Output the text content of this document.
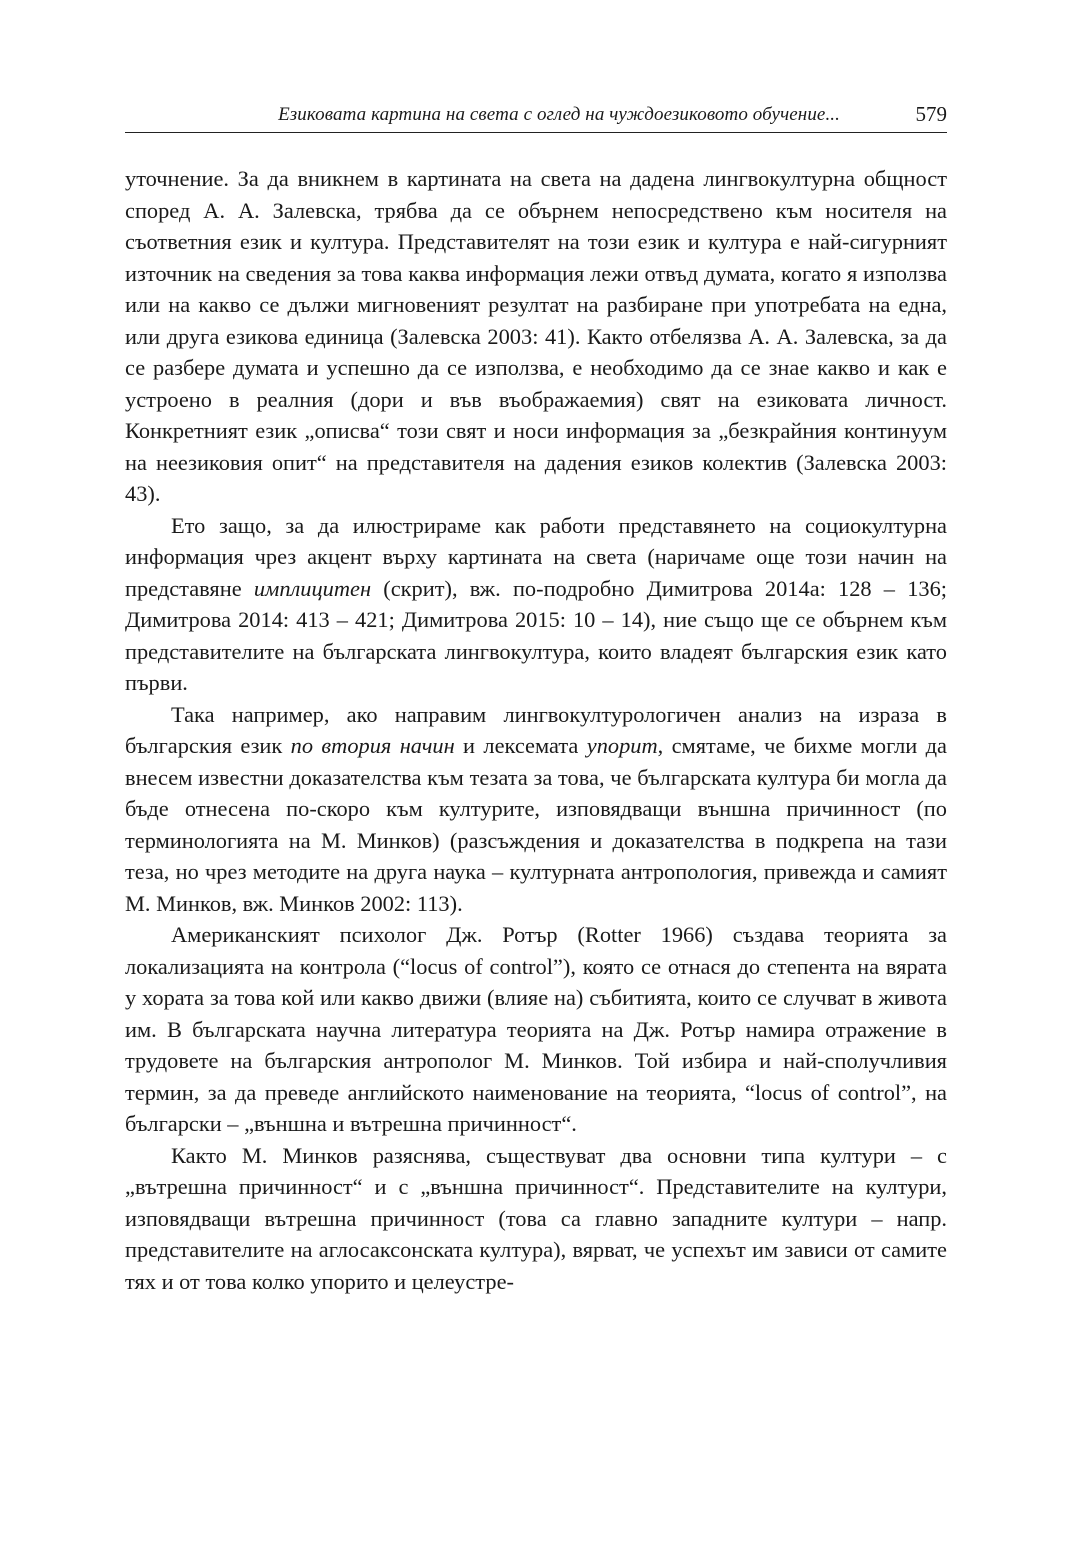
Езиковата картина на света с оглед на чуждоезиковото обучение...	579

уточнение. За да вникнем в картината на света на дадена лингвокултурна общност според А. А. Залевска, трябва да се обърнем непосредствено към носителя на съответния език и култура. Представителят на този език и култура е най-сигурният източник на сведения за това каква информация лежи отвъд думата, когато я използва или на какво се дължи мигновеният резултат на разбиране при употребата на една, или друга езикова единица (Залевска 2003: 41). Както отбелязва А. А. Залевска, за да се разбере думата и успешно да се използва, е необходимо да се знае какво и как е устроено в реалния (дори и във въображаемия) свят на езиковата личност. Конкретният език „описва“ този свят и носи информация за „безкрайния континуум на неезиковия опит“ на представителя на дадения езиков колектив (Залевска 2003: 43).

Ето защо, за да илюстрираме как работи представянето на социокултурна информация чрез акцент върху картината на света (наричаме още този начин на представяне имплицитен (скрит), вж. по-подробно Димитрова 2014а: 128 – 136; Димитрова 2014: 413 – 421; Димитрова 2015: 10 – 14), ние също ще се обърнем към представителите на българската лингвокултура, които владеят българския език като първи.

Така например, ако направим лингвокултурологичен анализ на израза в българския език по втория начин и лексемата упорит, смятаме, че бихме могли да внесем известни доказателства към тезата за това, че българската култура би могла да бъде отнесена по-скоро към културите, изповядващи външна причинност (по терминологията на М. Минков) (разсъждения и доказателства в подкрепа на тази теза, но чрез методите на друга наука – културната антропология, привежда и самият М. Минков, вж. Минков 2002: 113).

Американският психолог Дж. Ротър (Rotter 1966) създава теорията за локализацията на контрола (“locus of control”), която се отнася до степента на вярата у хората за това кой или какво движи (влияе на) събитията, които се случват в живота им. В българската научна литература теорията на Дж. Ротър намира отражение в трудовете на българския антрополог М. Минков. Той избира и най-сполучливия термин, за да преведе английското наименование на теорията, “locus of control”, на български – „външна и вътрешна причинност“.

Както М. Минков разяснява, съществуват два основни типа култури – с „вътрешна причинност“ и с „външна причинност“. Представителите на култури, изповядващи вътрешна причинност (това са главно западните култури – напр. представителите на аглосаксонската култура), вярват, че успехът им зависи от самите тях и от това колко упорито и целеустре-
